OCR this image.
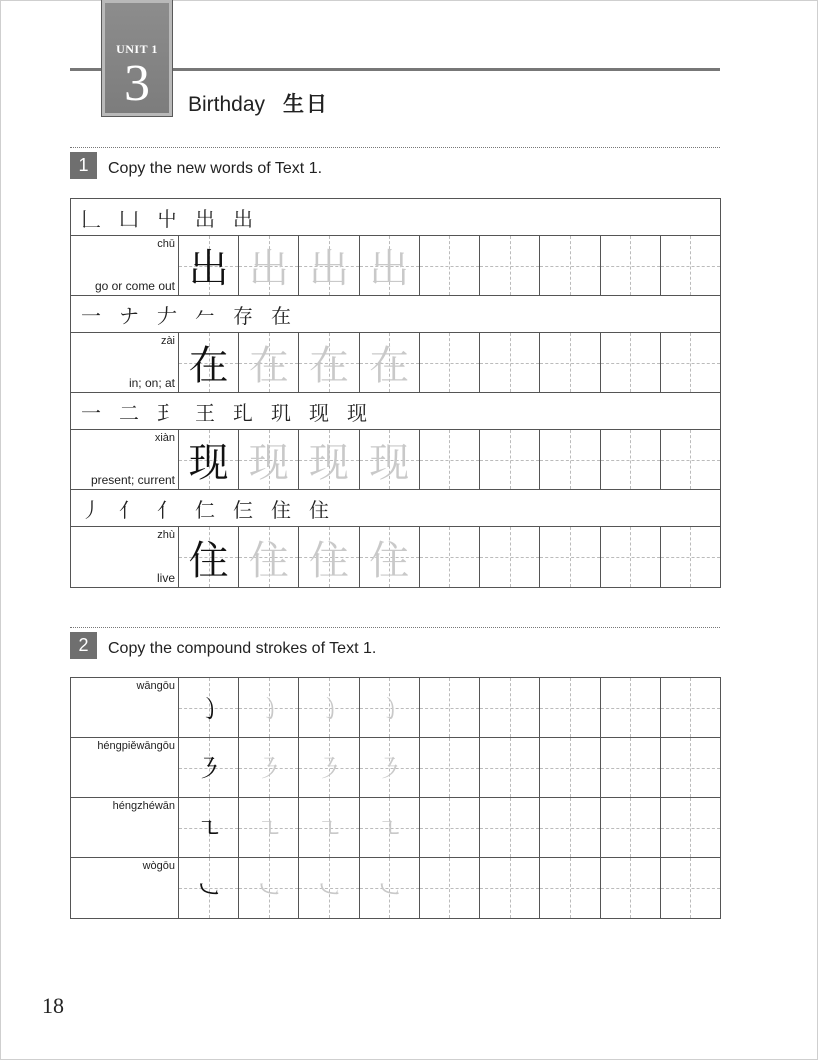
UNIT 1
3	Birthday 生日
1	Copy the new words of Text 1.
𠃊 凵 屮 出 出
chū
go or come out 出 出 出 出
一 ナ 𠂇 𠂉 存 在
zài
in; on; at 在 在 在 在
一 二 𤣩 王 玌 玑 现 现
xiàn
present; current 现 现 现 现
丿 亻 亻 仁 仨 住 住
zhù
live 住 住 住 住
2	Copy the compound strokes of Text 1.
wāngōu
㇁	㇁	㇁	㇁
héngpiěwāngōu
㇋	㇋	㇋	㇋
héngzhéwān
㇍	㇍	㇍	㇍
wògōu
㇃	㇃	㇃	㇃
18
